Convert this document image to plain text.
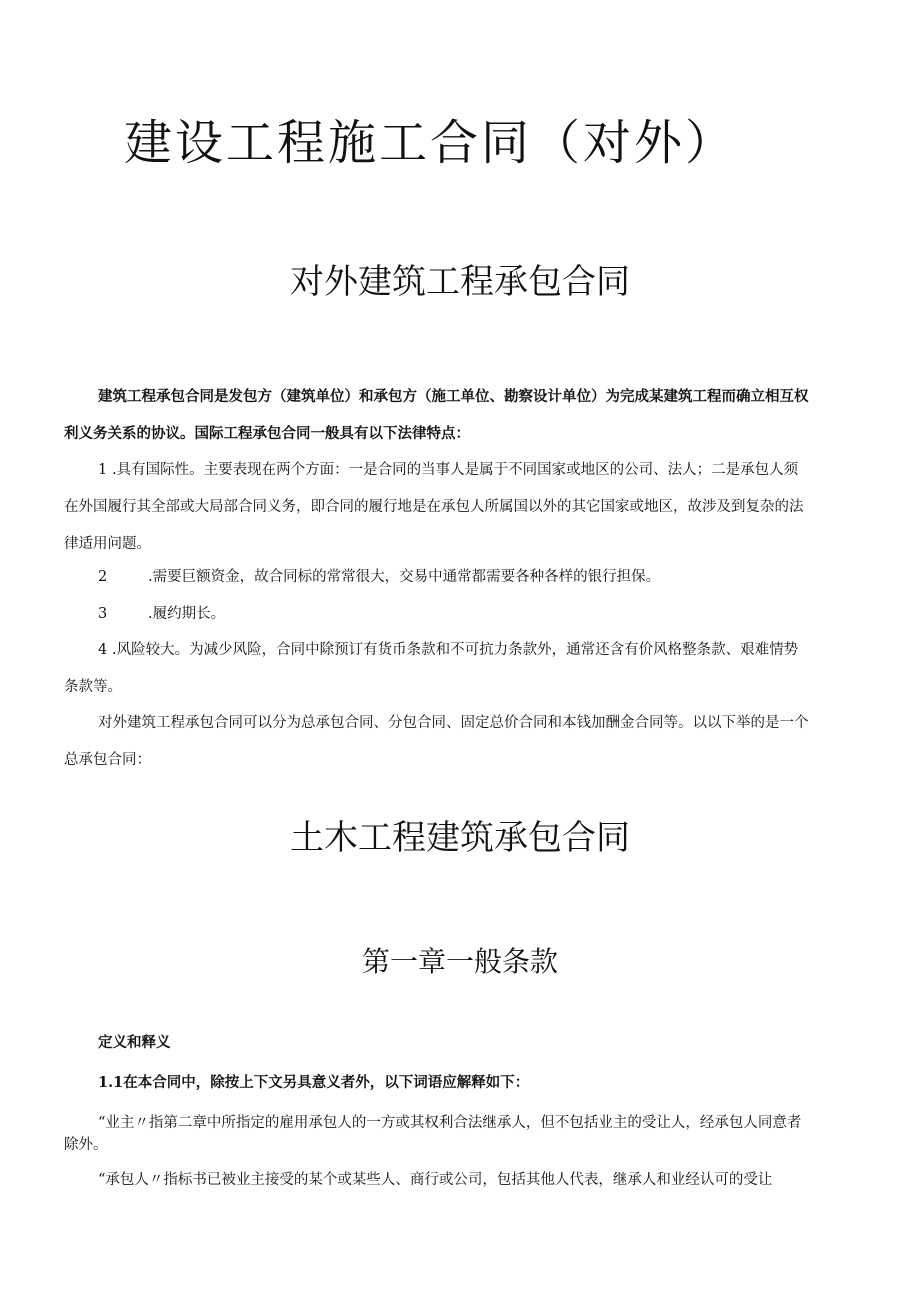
建设工程施工合同（对外）
对外建筑工程承包合同
建筑工程承包合同是发包方（建筑单位）和承包方（施工单位、勘察设计单位）为完成某建筑工程而确立相互权
利义务关系的协议。国际工程承包合同一般具有以下法律特点：
1 .具有国际性。主要表现在两个方面：一是合同的当事人是属于不同国家或地区的公司、法人；二是承包人须
在外国履行其全部或大局部合同义务，即合同的履行地是在承包人所属国以外的其它国家或地区，故涉及到复杂的法
律适用问题。
2	.需要巨额资金，故合同标的常常很大，交易中通常都需要各种各样的银行担保。
3	.履约期长。
4 .风险较大。为减少风险，合同中除预订有货币条款和不可抗力条款外，通常还含有价风格整条款、艰难情势
条款等。
对外建筑工程承包合同可以分为总承包合同、分包合同、固定总价合同和本钱加酬金合同等。以以下举的是一个
总承包合同：
土木工程建筑承包合同
第一章一般条款
定义和释义
1.1在本合同中，除按上下文另具意义者外，以下词语应解释如下：
“业主〃指第二章中所指定的雇用承包人的一方或其权利合法继承人，但不包括业主的受让人，经承包人同意者
除外。
“承包人〃指标书已被业主接受的某个或某些人、商行或公司，包括其他人代表，继承人和业经认可的受让
